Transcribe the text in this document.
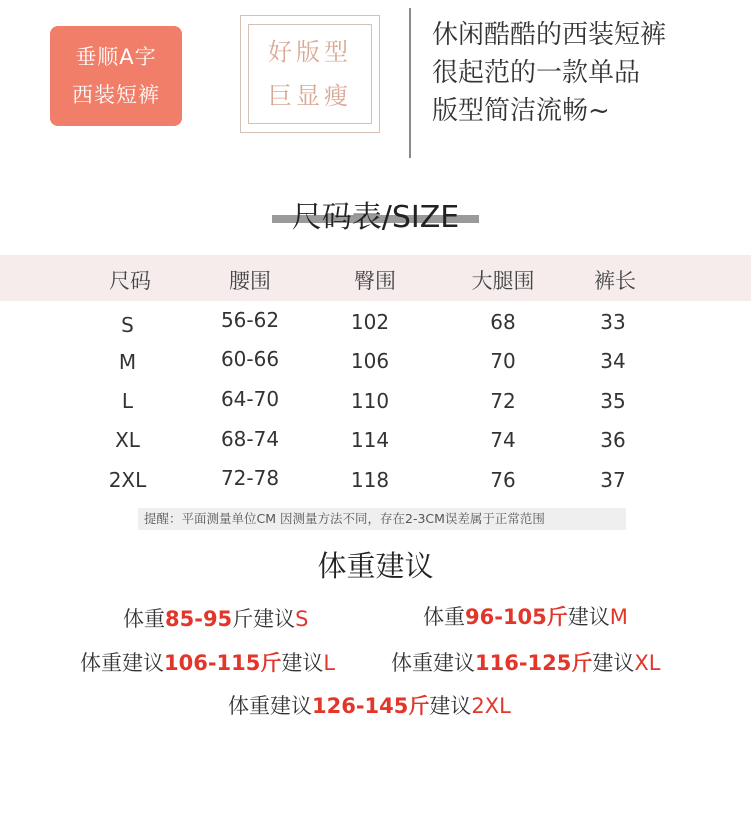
垂顺A字
西装短裤
好版型
巨显瘦
休闲酷酷的西装短裤
很起范的一款单品
版型简洁流畅~
尺码表/SIZE
尺码	腰围	臀围	大腿围	裤长
S	56-62	102	68	33
M	60-66	106	70	34
L	64-70	110	72	35
XL	68-74	114	74	36
2XL	72-78	118	76	37
提醒：平面测量单位CM 因测量方法不同，存在2-3CM误差属于正常范围
体重建议
体重85-95斤建议S	体重96-105斤建议M
体重建议106-115斤建议L	体重建议116-125斤建议XL
体重建议126-145斤建议2XL
